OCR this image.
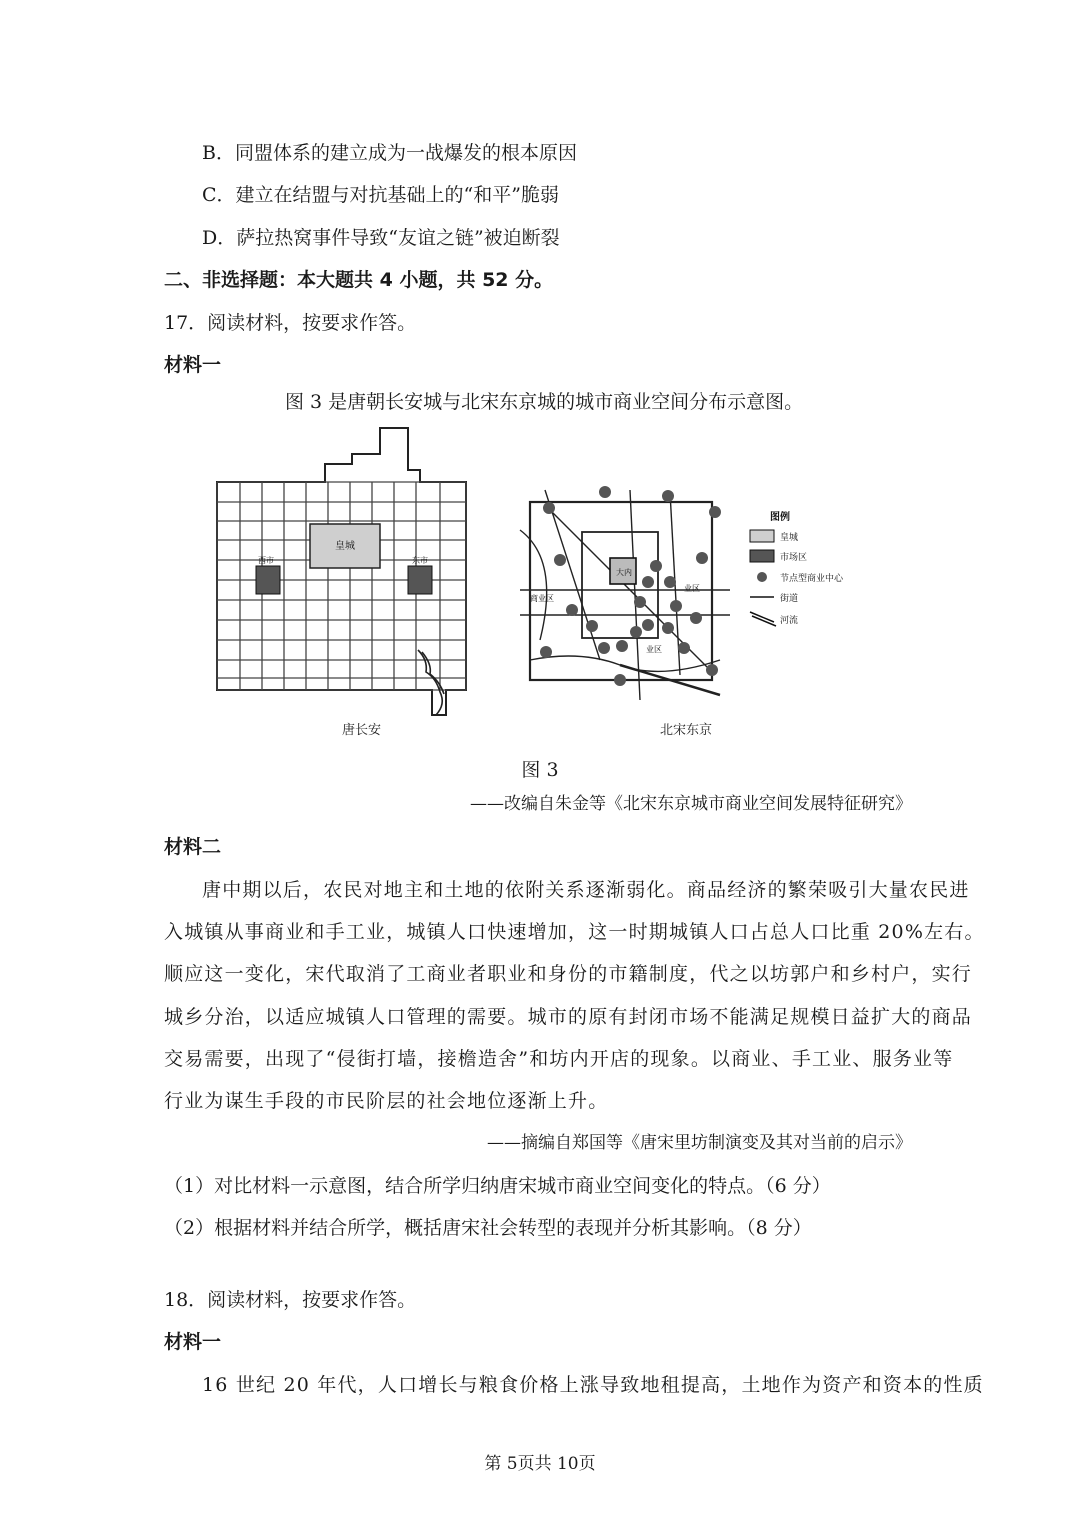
B．同盟体系的建立成为一战爆发的根本原因
C．建立在结盟与对抗基础上的“和平”脆弱
D．萨拉热窝事件导致“友谊之链”被迫断裂
二、非选择题：本大题共 4 小题，共 52 分。
17．阅读材料，按要求作答。
材料一
图 3 是唐朝长安城与北宋东京城的城市商业空间分布示意图。
皇城
西市	东市
唐长安
大内
商业区
业区
业区
北宋东京
图例
皇城
市场区
节点型商业中心
街道
河流
图 3
——改编自朱金等《北宋东京城市商业空间发展特征研究》
材料二
唐中期以后，农民对地主和土地的依附关系逐渐弱化。商品经济的繁荣吸引大量农民进
入城镇从事商业和手工业，城镇人口快速增加，这一时期城镇人口占总人口比重 20%左右。
顺应这一变化，宋代取消了工商业者职业和身份的市籍制度，代之以坊郭户和乡村户，实行
城乡分治，以适应城镇人口管理的需要。城市的原有封闭市场不能满足规模日益扩大的商品
交易需要，出现了“侵街打墙，接檐造舍”和坊内开店的现象。以商业、手工业、服务业等
行业为谋生手段的市民阶层的社会地位逐渐上升。
——摘编自郑国等《唐宋里坊制演变及其对当前的启示》
（1）对比材料一示意图，结合所学归纳唐宋城市商业空间变化的特点。（6 分）
（2）根据材料并结合所学，概括唐宋社会转型的表现并分析其影响。（8 分）
18．阅读材料，按要求作答。
材料一
16 世纪 20 年代，人口增长与粮食价格上涨导致地租提高，土地作为资产和资本的性质
第 5页共 10页
